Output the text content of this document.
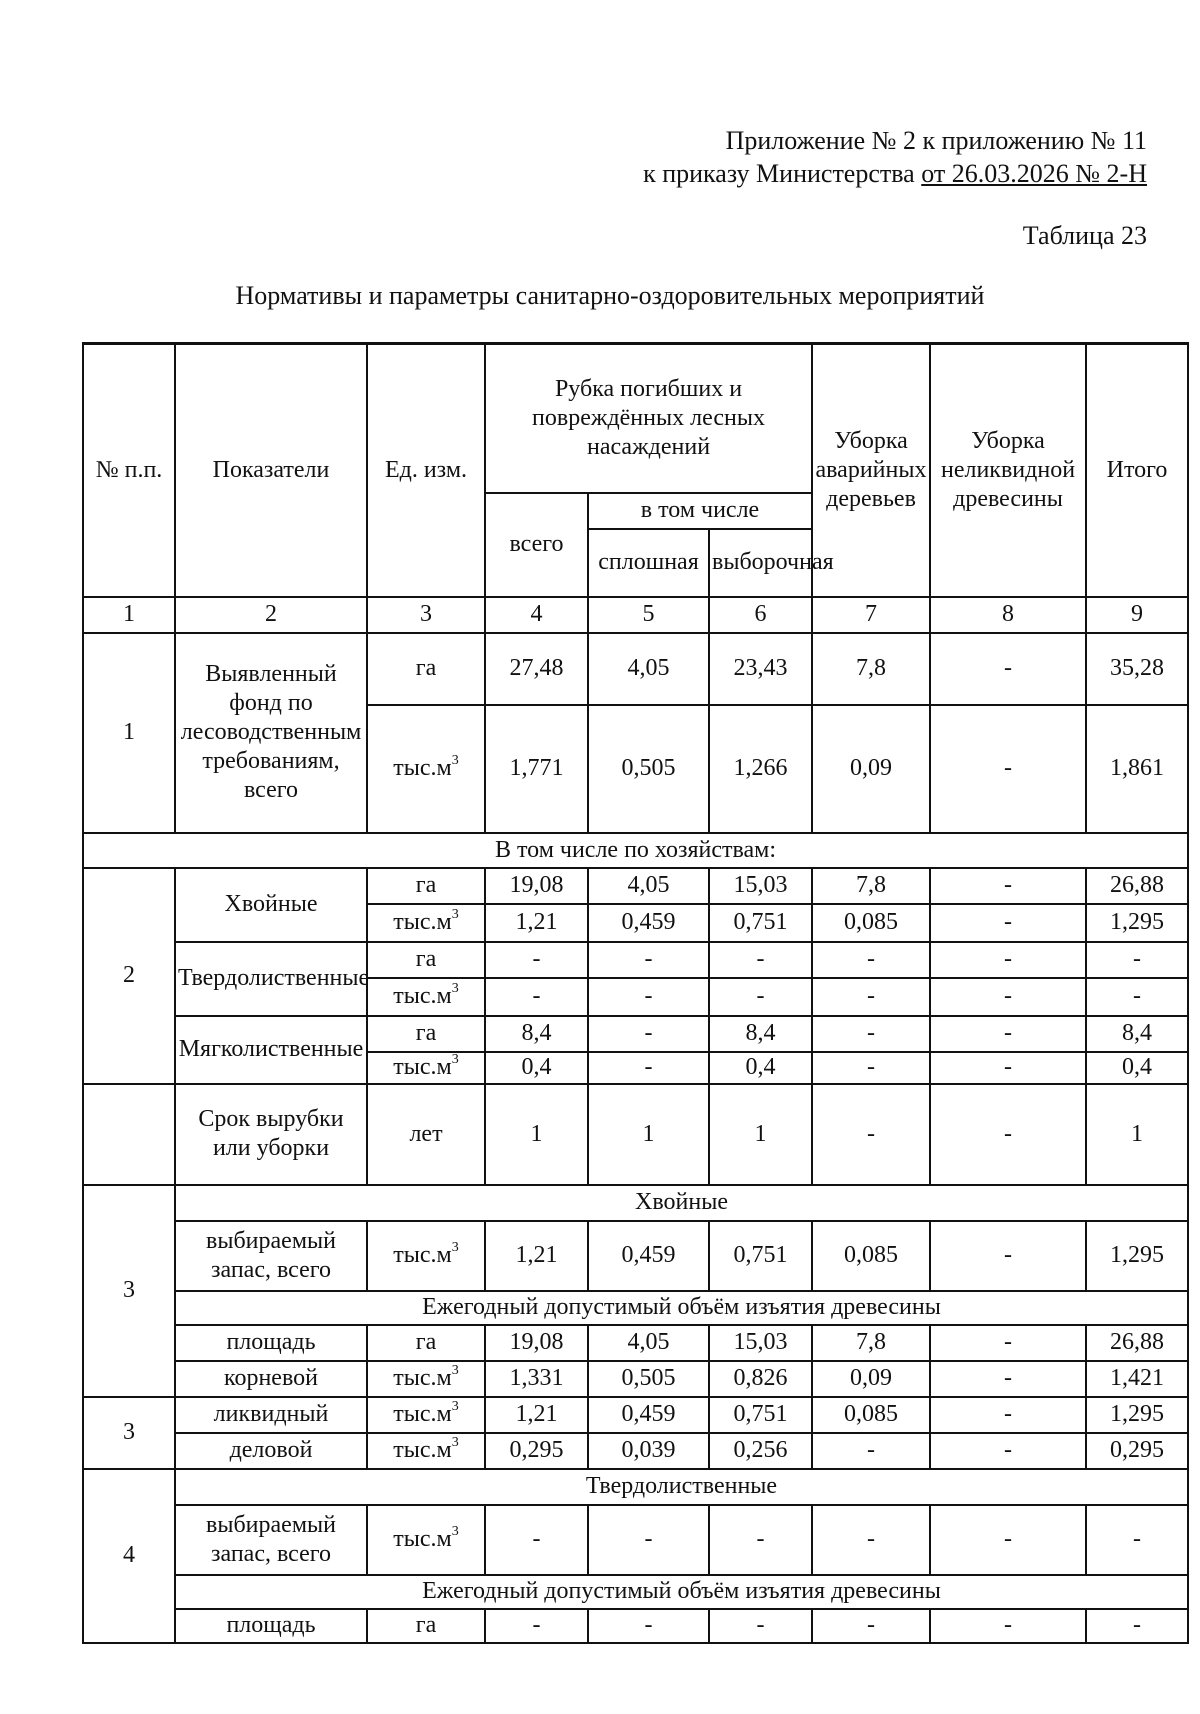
Приложение № 2 к приложению № 11
к приказу Министерства от 26.03.2026 № 2-Н
Таблица 23
Нормативы и параметры санитарно-оздоровительных мероприятий
№ п.п.	Показатели	Ед. изм.	Рубка погибших и повреждённых лесных насаждений			Уборка аварийных деревьев	Уборка неликвидной древесины	Итого
			всего	в том числе				
				сплошная	выборочная			
1	2	3	4	5	6	7	8	9
1	Выявленный фонд по лесоводственным требованиям, всего	га	27,48	4,05	23,43	7,8	-	35,28
		$тыс.м^3$	1,771	0,505	1,266	0,09	-	1,861
В том числе по хозяйствам:								
2	Хвойные	га	19,08	4,05	15,03	7,8	-	26,88
		$тыс.м^3$	1,21	0,459	0,751	0,085	-	1,295
	Твердолиственные	га	-	-	-	-	-	-
		$тыс.м^3$	-	-	-	-	-	-
	Мягколиственные	га	8,4	-	8,4	-	-	8,4
		$тыс.м^3$	0,4	-	0,4	-	-	0,4
	Срок вырубки или уборки	лет	1	1	1	-	-	1
3	Хвойные							
	выбираемый запас, всего	$тыс.м^3$	1,21	0,459	0,751	0,085	-	1,295
	Ежегодный допустимый объём изъятия древесины							
	площадь	га	19,08	4,05	15,03	7,8	-	26,88
	корневой	$тыс.м^3$	1,331	0,505	0,826	0,09	-	1,421
3	ликвидный	$тыс.м^3$	1,21	0,459	0,751	0,085	-	1,295
	деловой	$тыс.м^3$	0,295	0,039	0,256	-	-	0,295
4	Твердолиственные							
	выбираемый запас, всего	$тыс.м^3$	-	-	-	-	-	-
	Ежегодный допустимый объём изъятия древесины							
	площадь	га	-	-	-	-	-	-
